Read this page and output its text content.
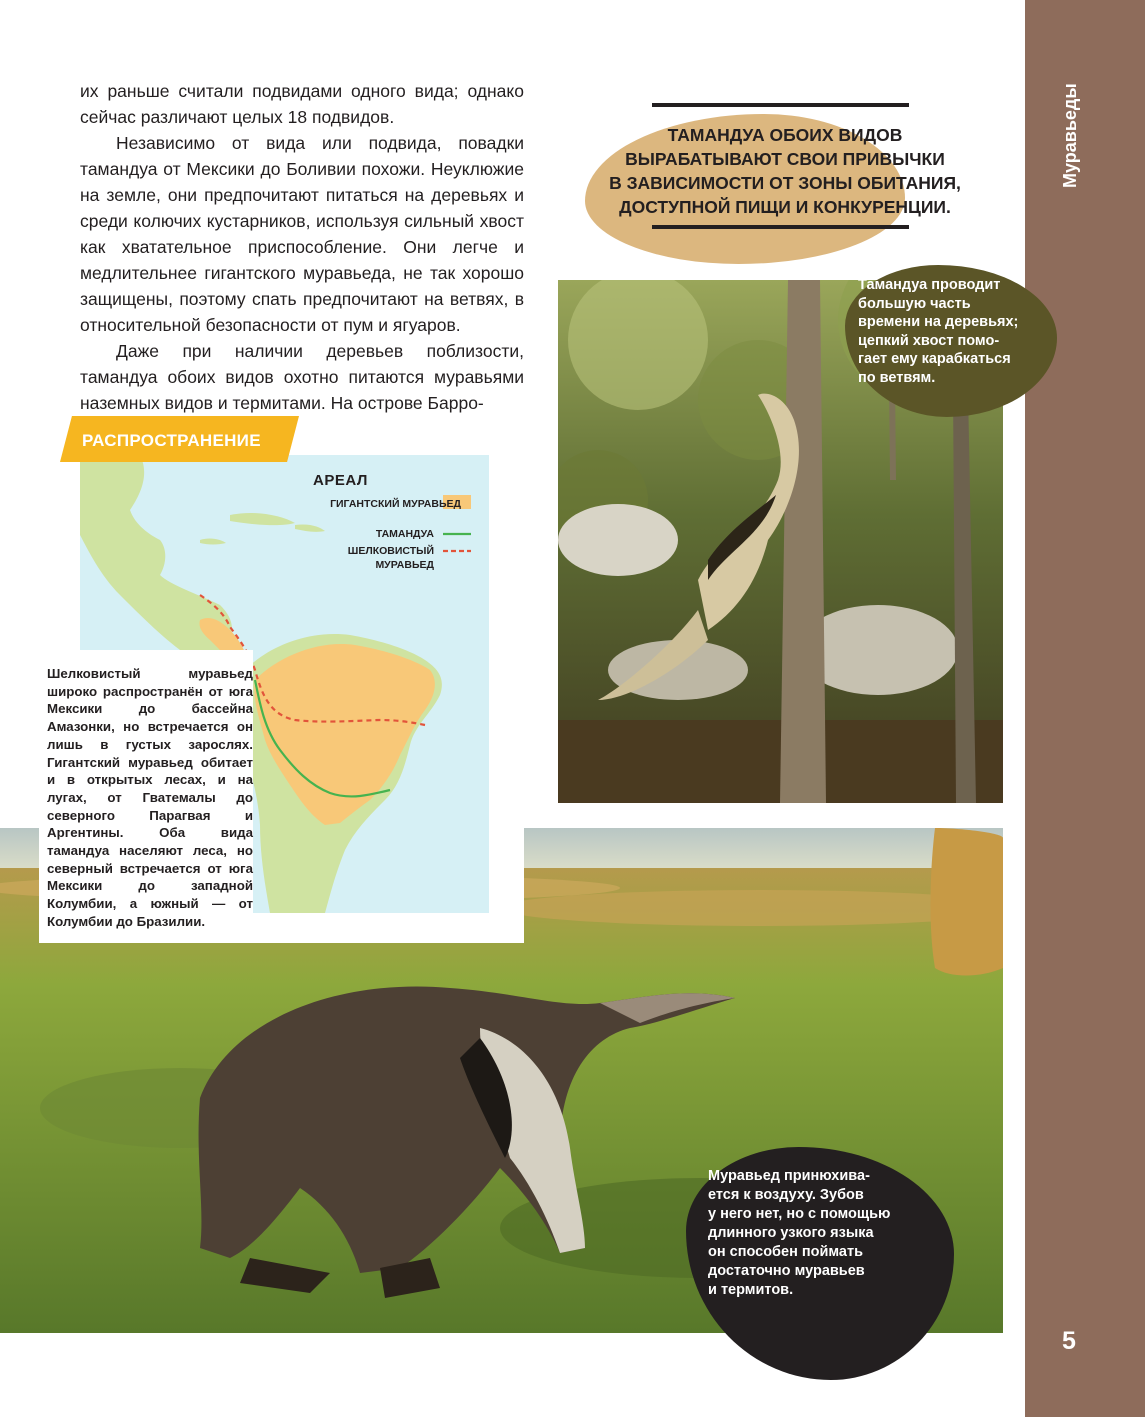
Муравьеды
5

их раньше считали подвидами одного вида; однако сейчас различают целых 18 подвидов.

Независимо от вида или подвида, повадки тамандуа от Мексики до Боливии похожи. Неуклюжие на земле, они предпочитают питаться на деревьях и среди колючих кустарников, используя сильный хвост как хватательное приспособление. Они легче и медлительнее гигантского муравьеда, не так хорошо защищены, поэтому спать предпочитают на ветвях, в относительной безопасности от пум и ягуаров.

Даже при наличии деревьев поблизости, тамандуа обоих видов охотно питаются муравьями наземных видов и термитами. На острове Барро-

ТАМАНДУА ОБОИХ ВИДОВ
ВЫРАБАТЫВАЮТ СВОИ ПРИВЫЧКИ
В ЗАВИСИМОСТИ ОТ ЗОНЫ ОБИТАНИЯ,
ДОСТУПНОЙ ПИЩИ И КОНКУРЕНЦИИ.
Тамандуа проводит
большую часть
времени на деревьях;
цепкий хвост помо-
гает ему карабкаться
по ветвям.
Муравьед принюхива-
ется к воздуху. Зубов
у него нет, но с помощью
длинного узкого языка
он способен поймать
достаточно муравьев
и термитов.
АРЕАЛ
ГИГАНТСКИЙ МУРАВЬЕД
ТАМАНДУА
ШЕЛКОВИСТЫЙ
МУРАВЬЕД
РАСПРОСТРАНЕНИЕ
Шелковистый муравьед широко распространён от юга Мексики до бассейна Амазонки, но встречается он лишь в густых зарослях. Гигантский муравьед обитает и в открытых лесах, и на лугах, от Гватемалы до северного Парагвая и Аргентины. Оба вида тамандуа населяют леса, но северный встречается от юга Мексики до западной Колумбии, а южный — от Колумбии до Бразилии.
